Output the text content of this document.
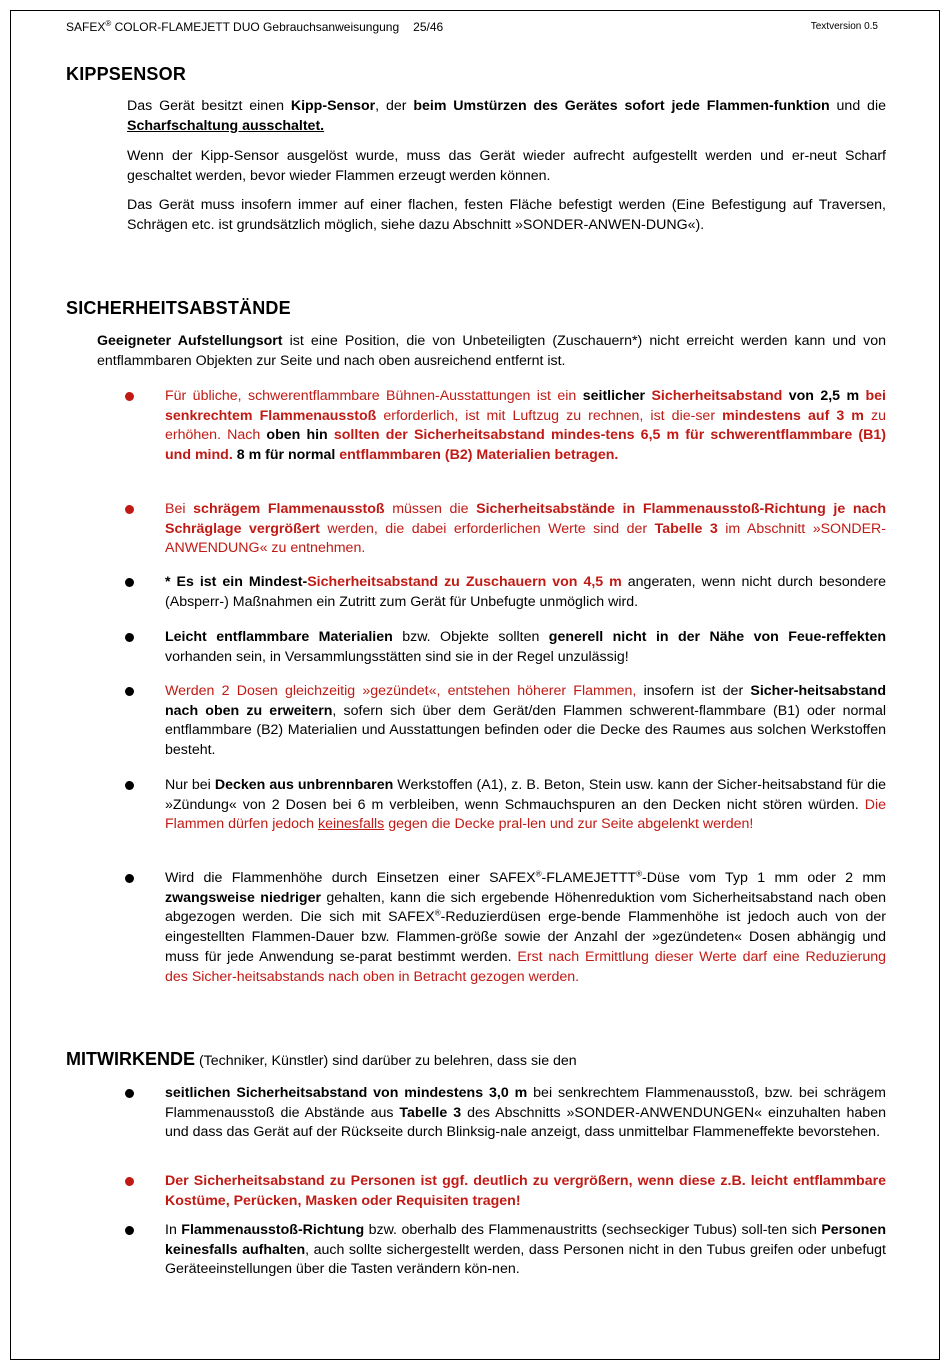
SAFEX® COLOR-FLAMEJETT DUO Gebrauchsanweisungung 25/46	Textversion 0.5
KIPPSENSOR

Das Gerät besitzt einen Kipp-Sensor, der beim Umstürzen des Gerätes sofort jede Flammen-funktion und die Scharfschaltung ausschaltet.

Wenn der Kipp-Sensor ausgelöst wurde, muss das Gerät wieder aufrecht aufgestellt werden und er-neut Scharf geschaltet werden, bevor wieder Flammen erzeugt werden können.

Das Gerät muss insofern immer auf einer flachen, festen Fläche befestigt werden (Eine Befestigung auf Traversen, Schrägen etc. ist grundsätzlich möglich, siehe dazu Abschnitt »SONDER-ANWEN-DUNG«).

SICHERHEITSABSTÄNDE

Geeigneter Aufstellungsort ist eine Position, die von Unbeteiligten (Zuschauern*) nicht erreicht werden kann und von entflammbaren Objekten zur Seite und nach oben ausreichend entfernt ist.

Für übliche, schwerentflammbare Bühnen-Ausstattungen ist ein seitlicher Sicherheitsabstand von 2,5 m bei senkrechtem Flammenausstoß erforderlich, ist mit Luftzug zu rechnen, ist die-ser mindestens auf 3 m zu erhöhen. Nach oben hin sollten der Sicherheitsabstand mindes-tens 6,5 m für schwerentflammbare (B1) und mind. 8 m für normal entflammbaren (B2) Materialien betragen.

Bei schrägem Flammenausstoß müssen die Sicherheitsabstände in Flammenausstoß-Richtung je nach Schräglage vergrößert werden, die dabei erforderlichen Werte sind der Tabelle 3 im Abschnitt »SONDER-ANWENDUNG« zu entnehmen.

* Es ist ein Mindest-Sicherheitsabstand zu Zuschauern von 4,5 m angeraten, wenn nicht durch besondere (Absperr-) Maßnahmen ein Zutritt zum Gerät für Unbefugte unmöglich wird.

Leicht entflammbare Materialien bzw. Objekte sollten generell nicht in der Nähe von Feue-reffekten vorhanden sein, in Versammlungsstätten sind sie in der Regel unzulässig!

Werden 2 Dosen gleichzeitig »gezündet«, entstehen höherer Flammen, insofern ist der Sicher-heitsabstand nach oben zu erweitern, sofern sich über dem Gerät/den Flammen schwerent-flammbare (B1) oder normal entflammbare (B2) Materialien und Ausstattungen befinden oder die Decke des Raumes aus solchen Werkstoffen besteht.

Nur bei Decken aus unbrennbaren Werkstoffen (A1), z. B. Beton, Stein usw. kann der Sicher-heitsabstand für die »Zündung« von 2 Dosen bei 6 m verbleiben, wenn Schmauchspuren an den Decken nicht stören würden. Die Flammen dürfen jedoch keinesfalls gegen die Decke pral-len und zur Seite abgelenkt werden!

Wird die Flammenhöhe durch Einsetzen einer SAFEX®-FLAMEJETTT®-Düse vom Typ 1 mm oder 2 mm zwangsweise niedriger gehalten, kann die sich ergebende Höhenreduktion vom Sicherheitsabstand nach oben abgezogen werden. Die sich mit SAFEX®-Reduzierdüsen erge-bende Flammenhöhe ist jedoch auch von der eingestellten Flammen-Dauer bzw. Flammen-größe sowie der Anzahl der »gezündeten« Dosen abhängig und muss für jede Anwendung se-parat bestimmt werden. Erst nach Ermittlung dieser Werte darf eine Reduzierung des Sicher-heitsabstands nach oben in Betracht gezogen werden.

MITWIRKENDE (Techniker, Künstler) sind darüber zu belehren, dass sie den

seitlichen Sicherheitsabstand von mindestens 3,0 m bei senkrechtem Flammenausstoß, bzw. bei schrägem Flammenausstoß die Abstände aus Tabelle 3 des Abschnitts »SONDER-ANWENDUNGEN« einzuhalten haben und dass das Gerät auf der Rückseite durch Blinksig-nale anzeigt, dass unmittelbar Flammeneffekte bevorstehen.

Der Sicherheitsabstand zu Personen ist ggf. deutlich zu vergrößern, wenn diese z.B. leicht entflammbare Kostüme, Perücken, Masken oder Requisiten tragen!

In Flammenausstoß-Richtung bzw. oberhalb des Flammenaustritts (sechseckiger Tubus) soll-ten sich Personen keinesfalls aufhalten, auch sollte sichergestellt werden, dass Personen nicht in den Tubus greifen oder unbefugt Geräteeinstellungen über die Tasten verändern kön-nen.
